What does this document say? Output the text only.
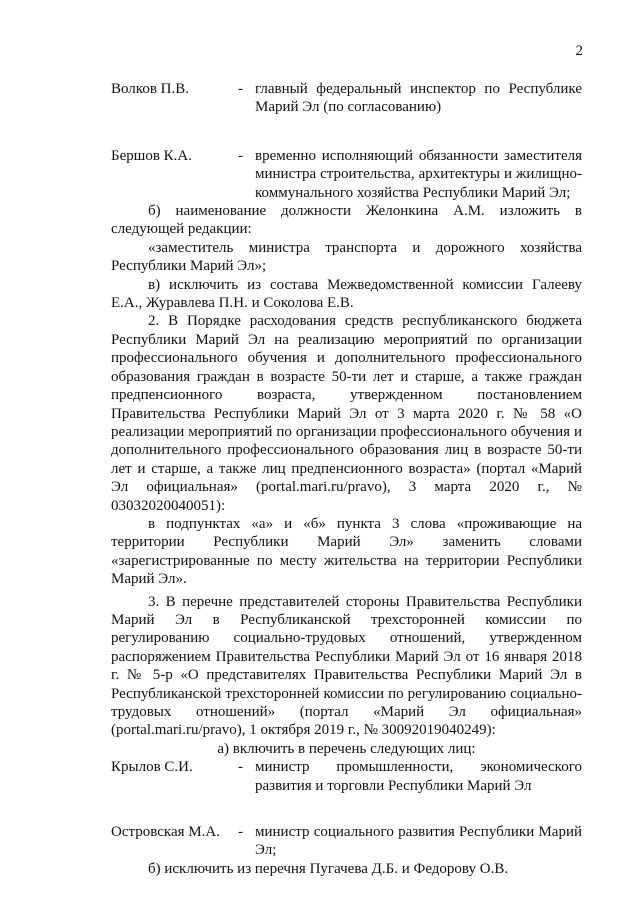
2
Волков П.В.	- главный федеральный инспектор по Республике Марий Эл (по согласованию)
Бершов К.А.	- временно исполняющий обязанности заместителя министра строительства, архитектуры и жилищно-коммунального хозяйства Республики Марий Эл;

б) наименование должности Желонкина А.М. изложить в следующей редакции:

«заместитель министра транспорта и дорожного хозяйства Республики Марий Эл»;

в) исключить из состава Межведомственной комиссии Галееву Е.А., Журавлева П.Н. и Соколова Е.В.

2. В Порядке расходования средств республиканского бюджета Республики Марий Эл на реализацию мероприятий по организации профессионального обучения и дополнительного профессионального образования граждан в возрасте 50-ти лет и старше, а также граждан предпенсионного возраста, утвержденном постановлением Правительства Республики Марий Эл от 3 марта 2020 г. № 58 «О реализации мероприятий по организации профессионального обучения и дополнительного профессионального образования лиц в возрасте 50-ти лет и старше, а также лиц предпенсионного возраста» (портал «Марий Эл официальная» (portal.mari.ru/pravo), 3 марта 2020 г., № 03032020040051):

в подпунктах «а» и «б» пункта 3 слова «проживающие на территории Республики Марий Эл» заменить словами «зарегистрированные по месту жительства на территории Республики Марий Эл».

3. В перечне представителей стороны Правительства Республики Марий Эл в Республиканской трехсторонней комиссии по регулированию социально-трудовых отношений, утвержденном распоряжением Правительства Республики Марий Эл от 16 января 2018 г. № 5-р «О представителях Правительства Республики Марий Эл в Республиканской трехсторонней комиссии по регулированию социально-трудовых отношений» (портал «Марий Эл официальная» (portal.mari.ru/pravo), 1 октября 2019 г., № 30092019040249):

а) включить в перечень следующих лиц:

Крылов С.И.	- министр промышленности, экономического развития и торговли Республики Марий Эл
Островская М.А.	- министр социального развития Республики Марий Эл;

б) исключить из перечня Пугачева Д.Б. и Федорову О.В.
